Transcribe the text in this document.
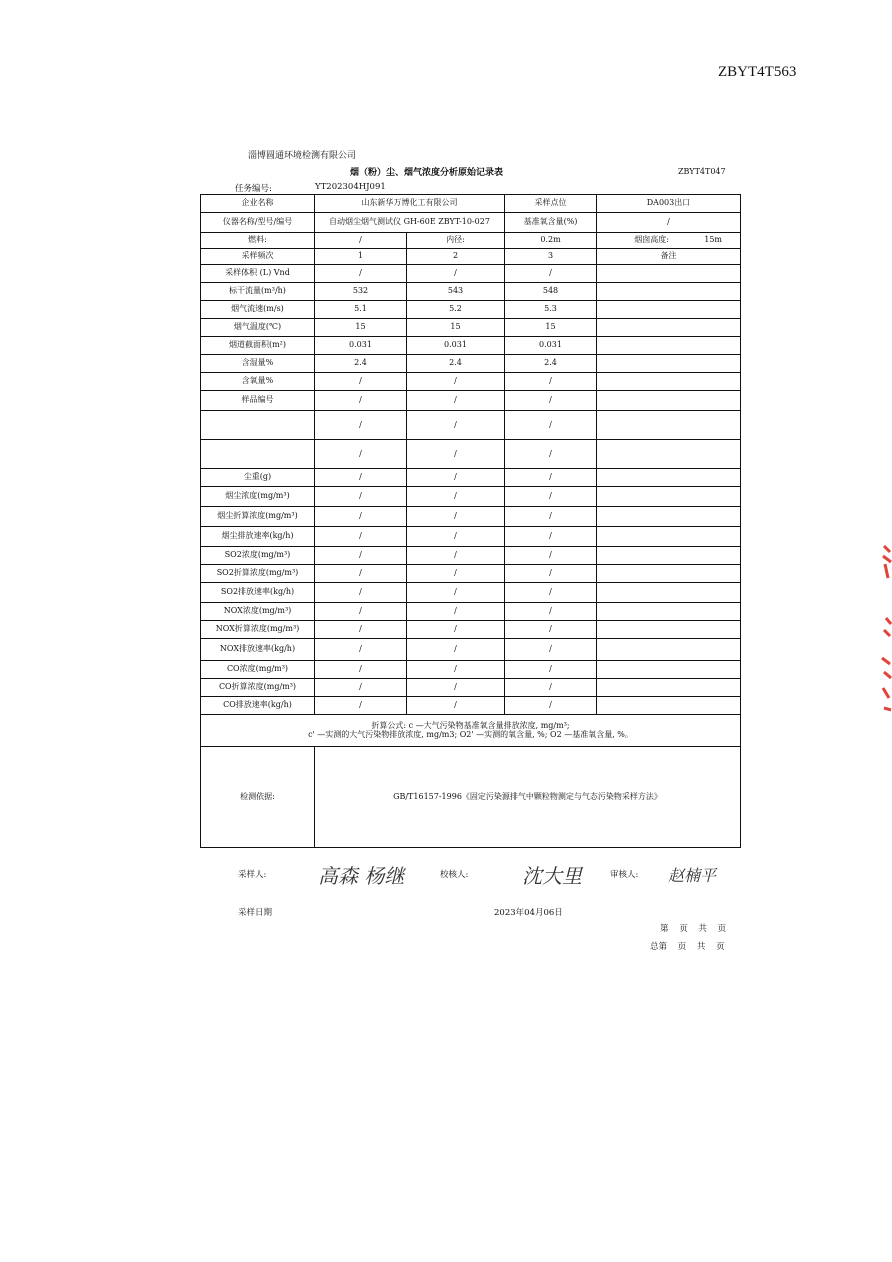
ZBYT4T563
淄博圆通环境检测有限公司
烟（粉）尘、烟气浓度分析原始记录表	ZBYT4T047
任务编号:	YT202304HJ091
企业名称	山东新华万博化工有限公司		采样点位	DA003出口
仪器名称/型号/编号	自动烟尘烟气测试仪 GH-60E ZBYT-10-027		基准氧含量(%)	/
燃料:	/	内径:	0.2m	烟囱高度: 15m

采样频次	1	2	3	备注
采样体积 (L) Vnd	/	/	/	
标干流量(m³/h)	532	543	548	
烟气流速(m/s)	5.1	5.2	5.3	
烟气温度(℃)	15	15	15	
烟道截面积(m²)	0.031	0.031	0.031	
含湿量%	2.4	2.4	2.4	
含氧量%	/	/	/	
样品编号	/	/	/	
	/	/	/	
	/	/	/	
尘重(g)	/	/	/	
烟尘浓度(mg/m³)	/	/	/	
烟尘折算浓度(mg/m³)	/	/	/	
烟尘排放速率(kg/h)	/	/	/	
SO2浓度(mg/m³)	/	/	/	
SO2折算浓度(mg/m³)	/	/	/	
SO2排放速率(kg/h)	/	/	/	
NOX浓度(mg/m³)	/	/	/	
NOX折算浓度(mg/m³)	/	/	/	
NOX排放速率(kg/h)	/	/	/	
CO浓度(mg/m³)	/	/	/	
CO折算浓度(mg/m³)	/	/	/	
CO排放速率(kg/h)	/	/	/	

折算公式: c —大气污染物基准氧含量排放浓度, mg/m³;
c' —实测的大气污染物排放浓度, mg/m3; O2' —实测的氧含量, %; O2 —基准氧含量, %。				

检测依据:	GB/T16157-1996《固定污染源排气中颗粒物测定与气态污染物采样方法》			
采样人:	高森 杨继	校核人:	沈大里	审核人: 赵楠平
采样日期	2023年04月06日
第 页 共 页
总第 页 共 页
